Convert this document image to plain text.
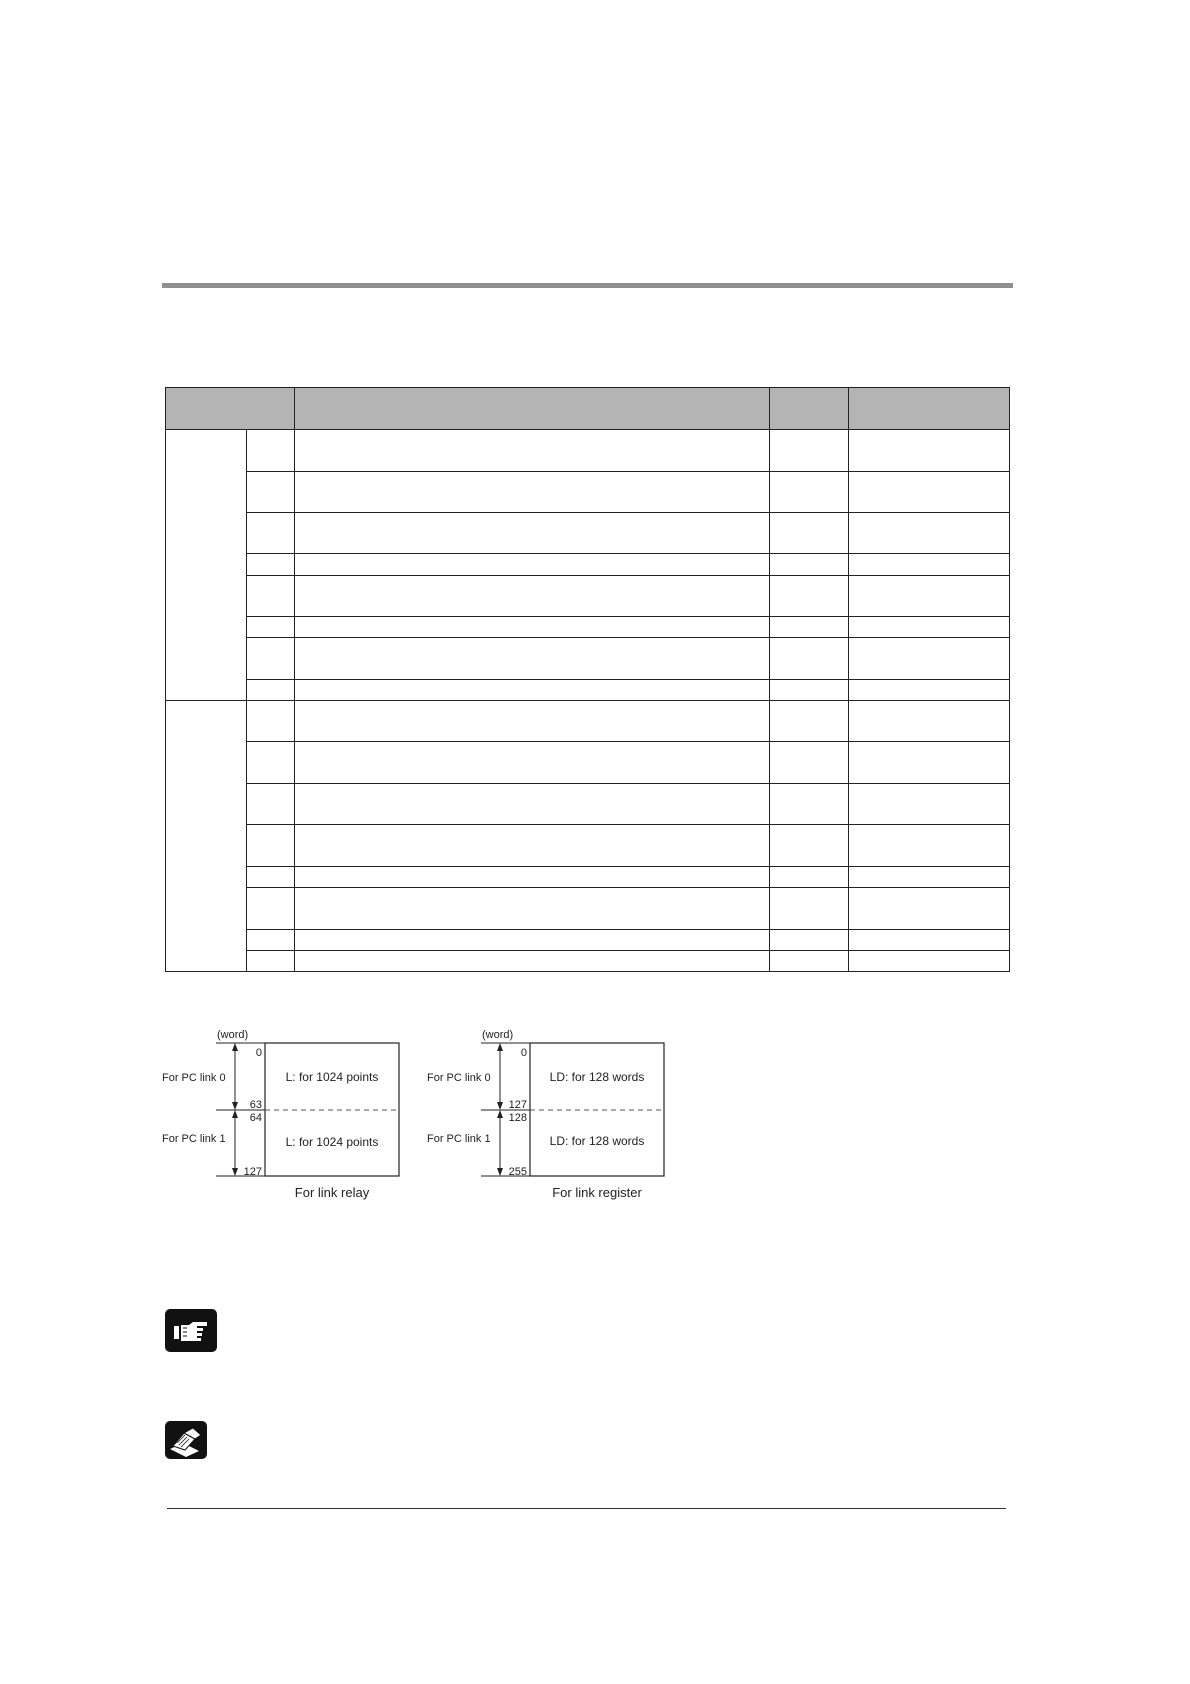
(word)
For PC link 0
For PC link 1
0
63
64
127
L: for 1024 points
L: for 1024 points
For link relay
(word)
For PC link 0
For PC link 1
0
127
128
255
LD: for 128 words
LD: for 128 words
For link register
